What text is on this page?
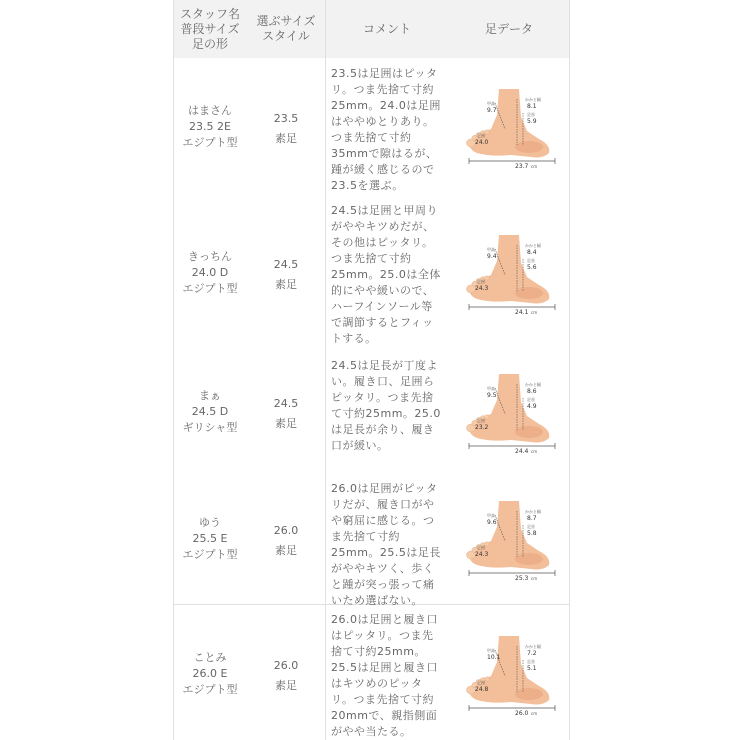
スタッフ名
普段サイズ
足の形
選ぶサイズ
スタイル
コメント	足データ
はまさん
23.5 2E
エジプト型
23.5
素足
23.5は足囲はピッタ
リ。つま先捨て寸約
25mm。24.0は足囲
はややゆとりあり。
つま先捨て寸約
35mmで隙はるが、
踵が緩く感じるので
23.5を選ぶ。
甲高
9.7
かかと幅
8.1
足首
5.9
足囲
24.0
23.7 cm
きっちん
24.0 D
エジプト型
24.5
素足
24.5は足囲と甲周り
がややキツめだが、
その他はピッタリ。
つま先捨て寸約
25mm。25.0は全体
的にやや緩いので、
ハーフインソール等
で調節するとフィッ
トする。
甲高
9.4
かかと幅
8.4
足首
5.6
足囲
24.3
24.1 cm
まぁ
24.5 D
ギリシャ型
24.5
素足
24.5は足長が丁度よ
い。履き口、足囲ら
ピッタリ。つま先捨
て寸約25mm。25.0
は足長が余り、履き
口が緩い。
甲高
9.5
かかと幅
8.6
足首
4.9
足囲
23.2
24.4 cm
ゆう
25.5 E
エジプト型
26.0
素足
26.0は足囲がピッタ
リだが、履き口がや
や窮屈に感じる。つ
ま先捨て寸約
25mm。25.5は足長
がややキツく、歩く
と踵が突っ張って痛
いため選ばない。
甲高
9.6
かかと幅
8.7
足首
5.8
足囲
24.3
25.3 cm
ことみ
26.0 E
エジプト型
26.0
素足
26.0は足囲と履き口
はピッタリ。つま先
捨て寸約25mm。
25.5は足囲と履き口
はキツめのピッタ
リ。つま先捨て寸約
20mmで、親指側面
がやや当たる。
甲高
10.1
かかと幅
7.2
足首
5.1
足囲
24.8
26.0 cm
